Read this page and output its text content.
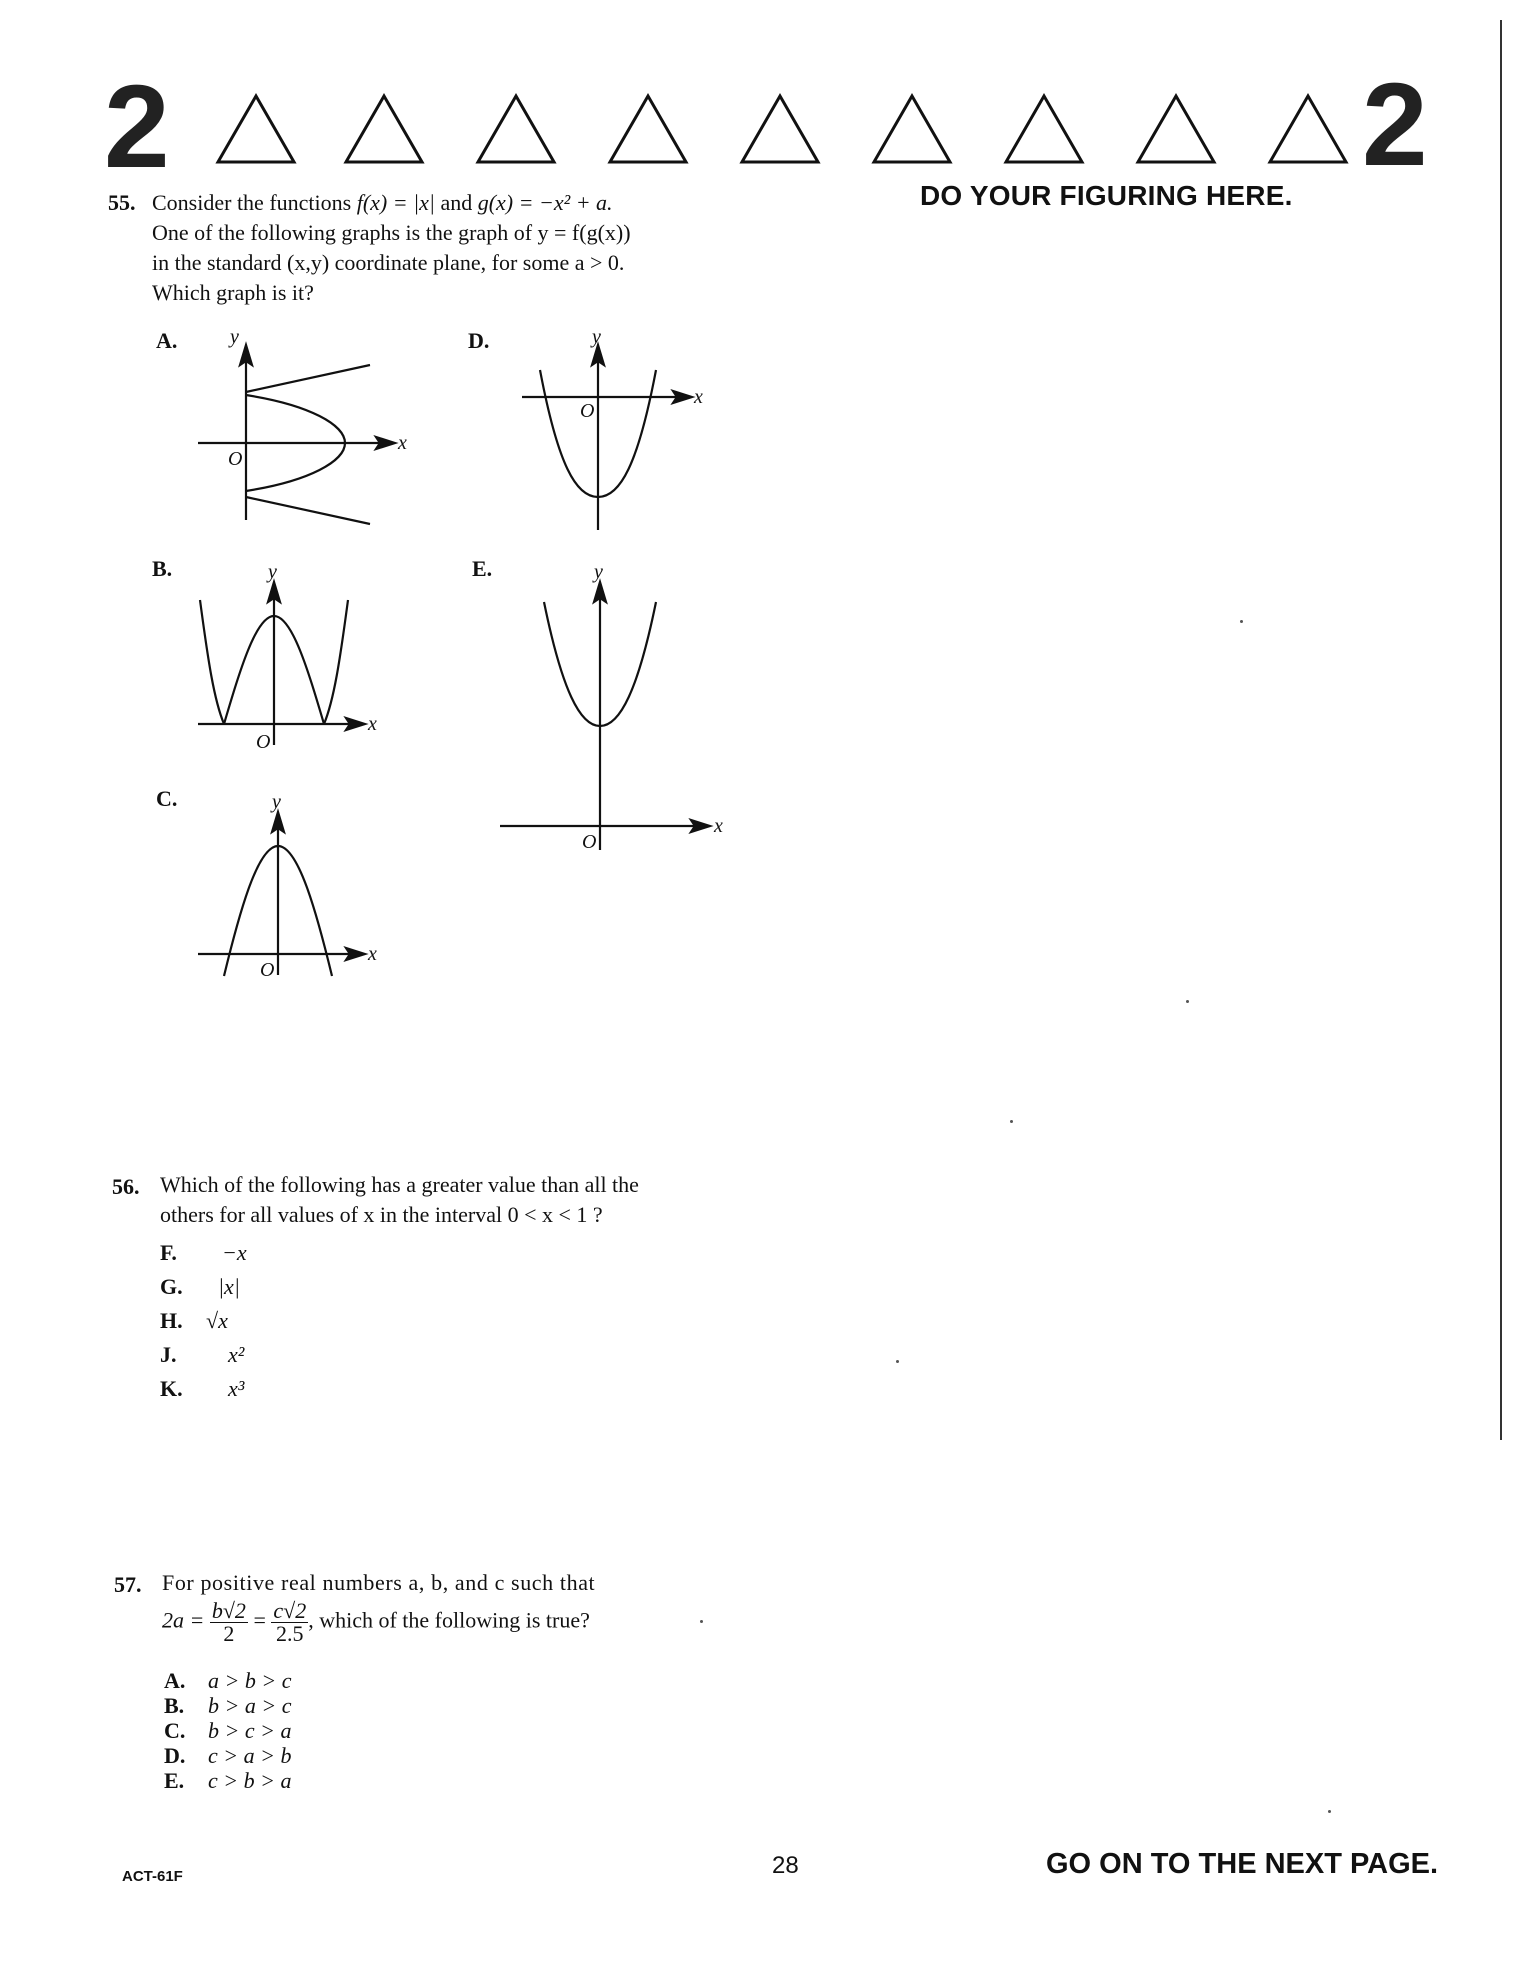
2	2
DO YOUR FIGURING HERE.
55. Consider the functions f(x) = |x| and g(x) = −x² + a.
One of the following graphs is the graph of y = f(g(x))
in the standard (x,y) coordinate plane, for some a > 0.
Which graph is it?
A.	D.
B.	E.
C.
y
x
O
y
x
O
y
x
O
y
x
O
y
x
O
56. Which of the following has a greater value than all the
others for all values of x in the interval 0 < x < 1 ?
F. −x
G. |x|
H. √x
J. x²
K. x³
57. For positive real numbers a, b, and c such that
$2a = \frac{b√2}{2} = \frac{c√2}{2.5}$ , which of the following is true?
A. a > b > c
B. b > a > c
C. b > c > a
D. c > a > b
E. c > b > a
ACT-61F	28	GO ON TO THE NEXT PAGE.
